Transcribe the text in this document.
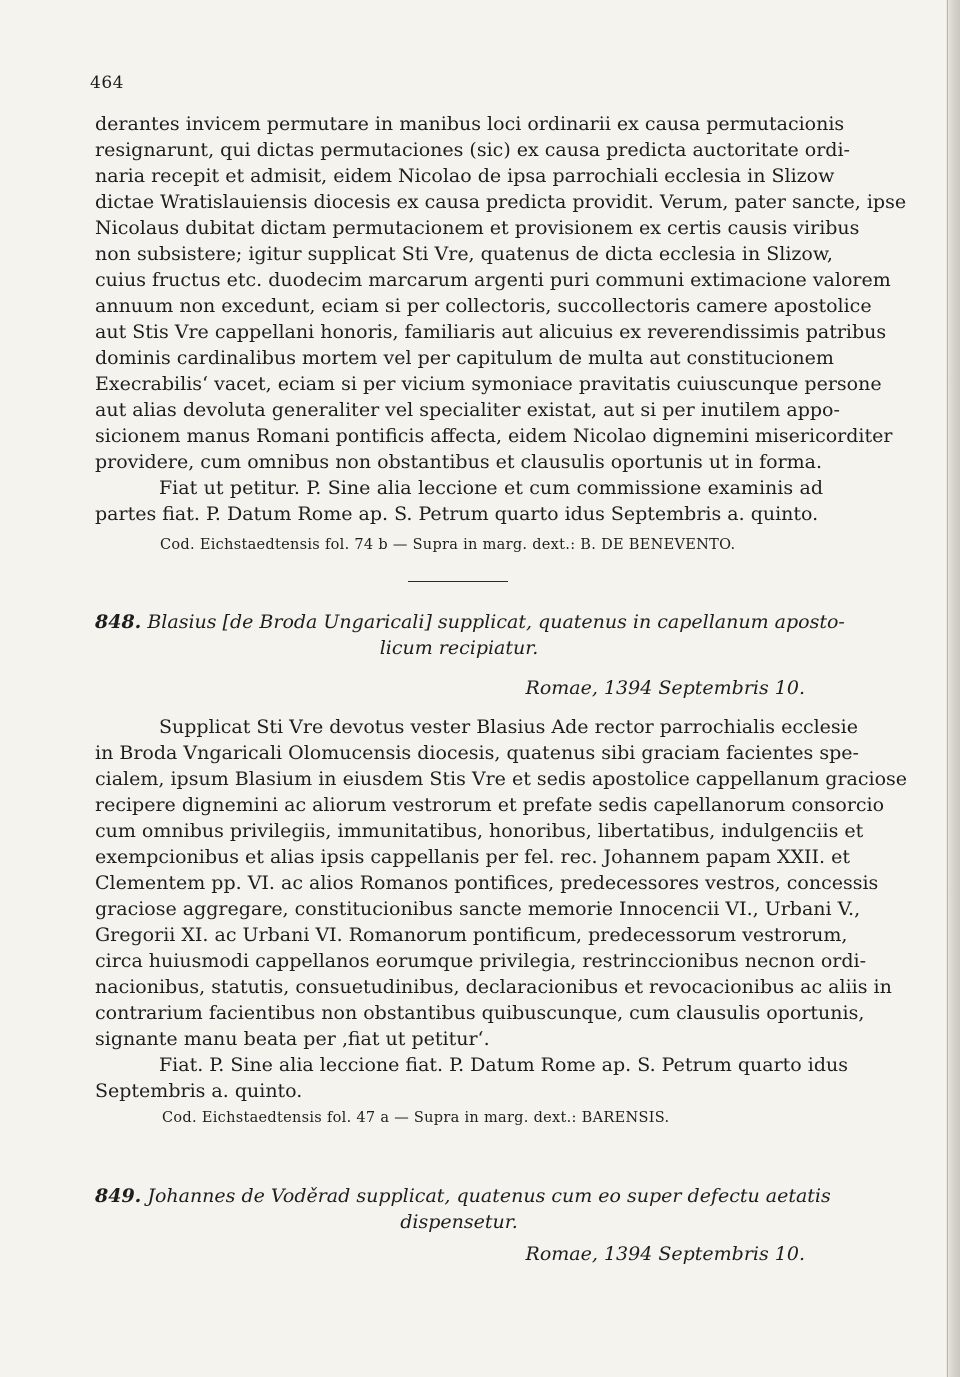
464
derantes invicem permutare in manibus loci ordinarii ex causa permutacionis
resignarunt, qui dictas permutaciones (sic) ex causa predicta auctoritate ordi-
naria recepit et admisit, eidem Nicolao de ipsa parrochiali ecclesia in Slizow
dictae Wratislauiensis diocesis ex causa predicta providit. Verum, pater sancte, ipse
Nicolaus dubitat dictam permutacionem et provisionem ex certis causis viribus
non subsistere; igitur supplicat Sti Vre, quatenus de dicta ecclesia in Slizow,
cuius fructus etc. duodecim marcarum argenti puri communi extimacione valorem
annuum non excedunt, eciam si per collectoris, succollectoris camere apostolice
aut Stis Vre cappellani honoris, familiaris aut alicuius ex reverendissimis patribus
dominis cardinalibus mortem vel per capitulum de multa aut constitucionem
Execrabilis‘ vacet, eciam si per vicium symoniace pravitatis cuiuscunque persone
aut alias devoluta generaliter vel specialiter existat, aut si per inutilem appo-
sicionem manus Romani pontificis affecta, eidem Nicolao dignemini misericorditer
providere, cum omnibus non obstantibus et clausulis oportunis ut in forma.
Fiat ut petitur. P. Sine alia leccione et cum commissione examinis ad
partes fiat. P. Datum Rome ap. S. Petrum quarto idus Septembris a. quinto.
Cod. Eichstaedtensis fol. 74 b — Supra in marg. dext.: B. DE BENEVENTO.
848. Blasius [de Broda Ungaricali] supplicat, quatenus in capellanum aposto-
licum recipiatur.
Romae, 1394 Septembris 10.
Supplicat Sti Vre devotus vester Blasius Ade rector parrochialis ecclesie
in Broda Vngaricali Olomucensis diocesis, quatenus sibi graciam facientes spe-
cialem, ipsum Blasium in eiusdem Stis Vre et sedis apostolice cappellanum graciose
recipere dignemini ac aliorum vestrorum et prefate sedis capellanorum consorcio
cum omnibus privilegiis, immunitatibus, honoribus, libertatibus, indulgenciis et
exempcionibus et alias ipsis cappellanis per fel. rec. Johannem papam XXII. et
Clementem pp. VI. ac alios Romanos pontifices, predecessores vestros, concessis
graciose aggregare, constitucionibus sancte memorie Innocencii VI., Urbani V.,
Gregorii XI. ac Urbani VI. Romanorum pontificum, predecessorum vestrorum,
circa huiusmodi cappellanos eorumque privilegia, restrinccionibus necnon ordi-
nacionibus, statutis, consuetudinibus, declaracionibus et revocacionibus ac aliis in
contrarium facientibus non obstantibus quibuscunque, cum clausulis oportunis,
signante manu beata per ‚fiat ut petitur‘.
Fiat. P. Sine alia leccione fiat. P. Datum Rome ap. S. Petrum quarto idus
Septembris a. quinto.
Cod. Eichstaedtensis fol. 47 a — Supra in marg. dext.: BARENSIS.
849. Johannes de Voděrad supplicat, quatenus cum eo super defectu aetatis
dispensetur.
Romae, 1394 Septembris 10.
